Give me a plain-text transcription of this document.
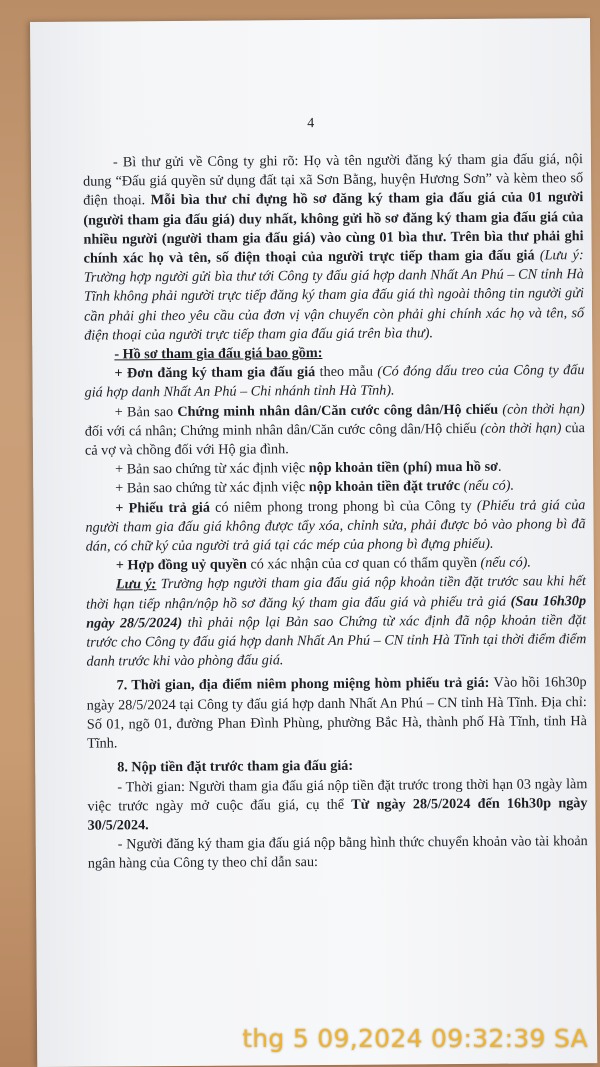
4

- Bì thư gửi về Công ty ghi rõ: Họ và tên người đăng ký tham gia đấu giá, nội dung “Đấu giá quyền sử dụng đất tại xã Sơn Bằng, huyện Hương Sơn” và kèm theo số điện thoại. Mỗi bìa thư chỉ đựng hồ sơ đăng ký tham gia đấu giá của 01 người (người tham gia đấu giá) duy nhất, không gửi hồ sơ đăng ký tham gia đấu giá của nhiều người (người tham gia đấu giá) vào cùng 01 bìa thư. Trên bìa thư phải ghi chính xác họ và tên, số điện thoại của người trực tiếp tham gia đấu giá (Lưu ý: Trường hợp người gửi bìa thư tới Công ty đấu giá hợp danh Nhất An Phú – CN tỉnh Hà Tĩnh không phải người trực tiếp đăng ký tham gia đấu giá thì ngoài thông tin người gửi cần phải ghi theo yêu cầu của đơn vị vận chuyển còn phải ghi chính xác họ và tên, số điện thoại của người trực tiếp tham gia đấu giá trên bìa thư).

- Hồ sơ tham gia đấu giá bao gồm:

+ Đơn đăng ký tham gia đấu giá theo mẫu (Có đóng dấu treo của Công ty đấu giá hợp danh Nhất An Phú – Chi nhánh tỉnh Hà Tĩnh).

+ Bản sao Chứng minh nhân dân/Căn cước công dân/Hộ chiếu (còn thời hạn) đối với cá nhân; Chứng minh nhân dân/Căn cước công dân/Hộ chiếu (còn thời hạn) của cả vợ và chồng đối với Hộ gia đình.

+ Bản sao chứng từ xác định việc nộp khoản tiền (phí) mua hồ sơ.

+ Bản sao chứng từ xác định việc nộp khoản tiền đặt trước (nếu có).

+ Phiếu trả giá có niêm phong trong phong bì của Công ty (Phiếu trả giá của người tham gia đấu giá không được tẩy xóa, chỉnh sửa, phải được bỏ vào phong bì đã dán, có chữ ký của người trả giá tại các mép của phong bì đựng phiếu).

+ Hợp đồng uỷ quyền có xác nhận của cơ quan có thẩm quyền (nếu có).

Lưu ý: Trường hợp người tham gia đấu giá nộp khoản tiền đặt trước sau khi hết thời hạn tiếp nhận/nộp hồ sơ đăng ký tham gia đấu giá và phiếu trả giá (Sau 16h30p ngày 28/5/2024) thì phải nộp lại Bản sao Chứng từ xác định đã nộp khoản tiền đặt trước cho Công ty đấu giá hợp danh Nhất An Phú – CN tỉnh Hà Tĩnh tại thời điểm điểm danh trước khi vào phòng đấu giá.

7. Thời gian, địa điểm niêm phong miệng hòm phiếu trả giá: Vào hồi 16h30p ngày 28/5/2024 tại Công ty đấu giá hợp danh Nhất An Phú – CN tỉnh Hà Tĩnh. Địa chỉ: Số 01, ngõ 01, đường Phan Đình Phùng, phường Bắc Hà, thành phố Hà Tĩnh, tỉnh Hà Tĩnh.

8. Nộp tiền đặt trước tham gia đấu giá:

- Thời gian: Người tham gia đấu giá nộp tiền đặt trước trong thời hạn 03 ngày làm việc trước ngày mở cuộc đấu giá, cụ thể Từ ngày 28/5/2024 đến 16h30p ngày 30/5/2024.

- Người đăng ký tham gia đấu giá nộp bằng hình thức chuyển khoản vào tài khoản ngân hàng của Công ty theo chỉ dẫn sau:

thg 5 09,2024 09:32:39 SA
